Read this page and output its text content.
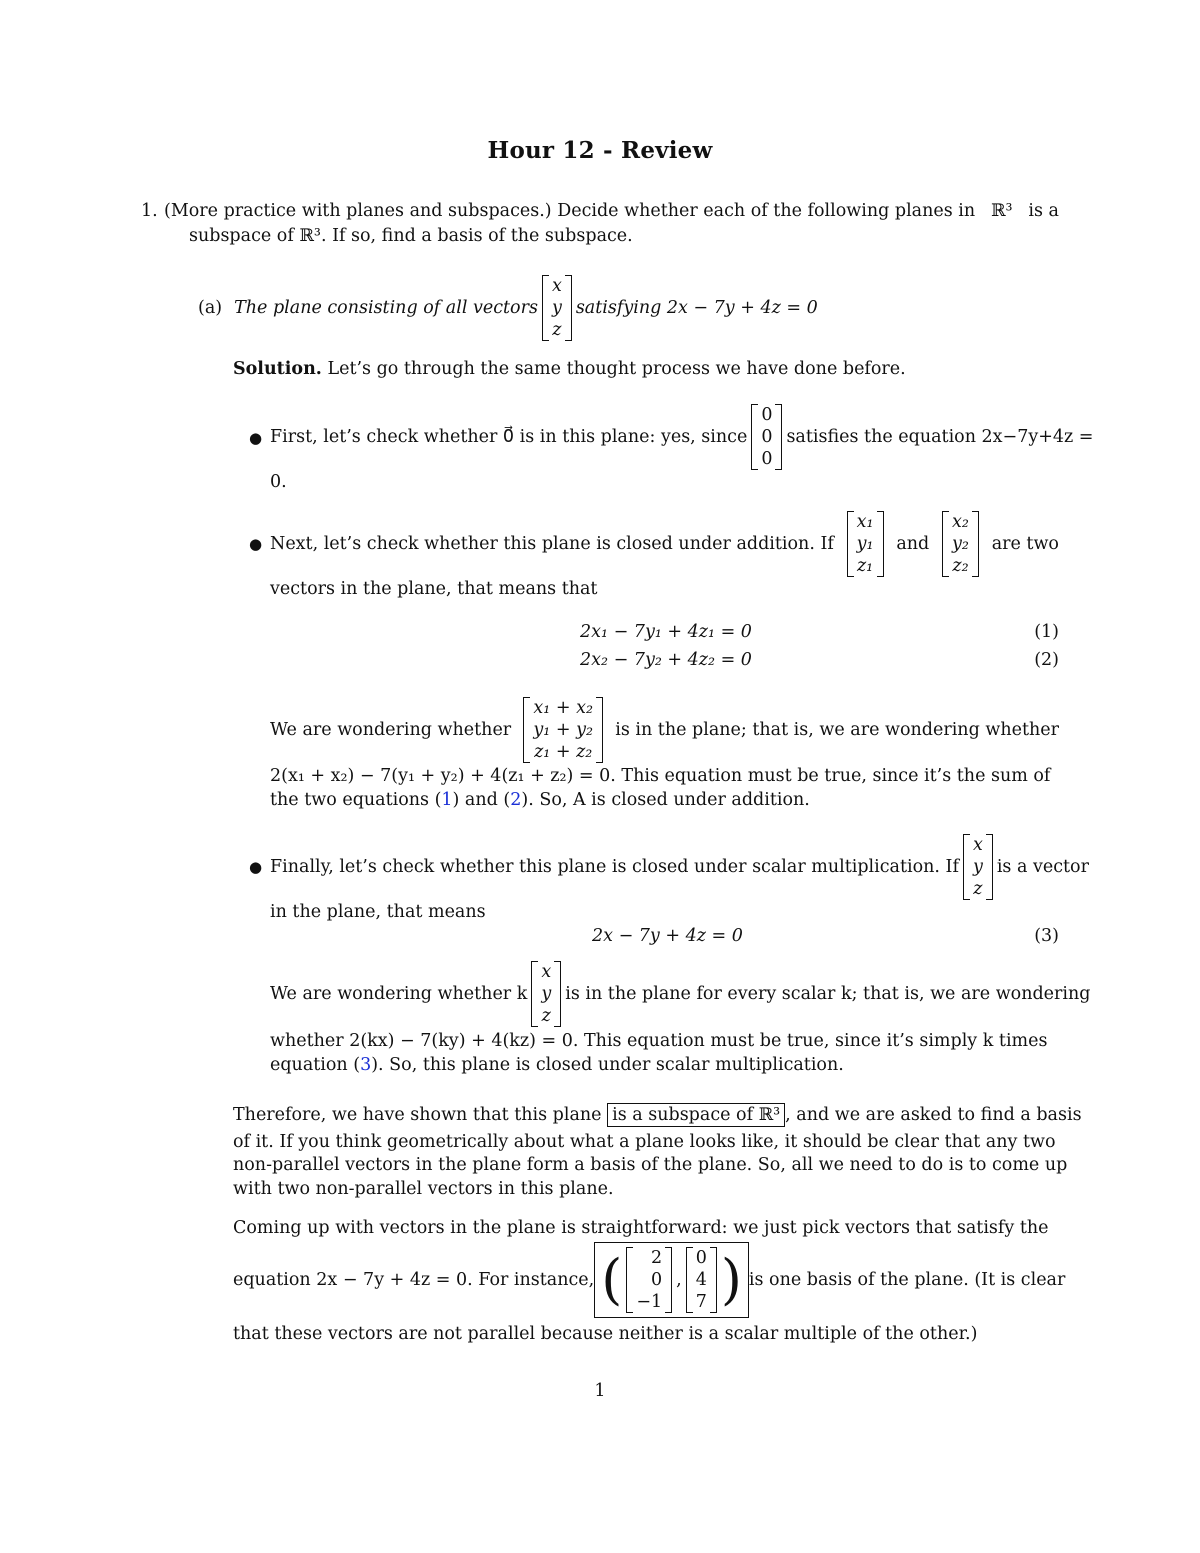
Hour 12 - Review
1. (More practice with planes and subspaces.) Decide whether each of the following planes in ℝ³ is a
subspace of ℝ³. If so, find a basis of the subspace.
(a) The plane consisting of all vectors
x
y
z
satisfying 2x − 7y + 4z = 0
Solution. Let’s go through the same thought process we have done before.
● First, let’s check whether 0⃗ is in this plane: yes, since
0
0
0
satisfies the equation 2x−7y+4z =
0.
● Next, let’s check whether this plane is closed under addition. If
x₁
y₁
z₁
and
x₂
y₂
z₂
are two
vectors in the plane, that means that
2x₁ − 7y₁ + 4z₁ = 0	(1)
2x₂ − 7y₂ + 4z₂ = 0	(2)
We are wondering whether
x₁ + x₂
y₁ + y₂
z₁ + z₂
is in the plane; that is, we are wondering whether
2(x₁ + x₂) − 7(y₁ + y₂) + 4(z₁ + z₂) = 0. This equation must be true, since it’s the sum of
the two equations (1) and (2). So, A is closed under addition.
● Finally, let’s check whether this plane is closed under scalar multiplication. If
x
y
z
is a vector
in the plane, that means
2x − 7y + 4z = 0	(3)
We are wondering whether k
x
y
z
is in the plane for every scalar k; that is, we are wondering
whether 2(kx) − 7(ky) + 4(kz) = 0. This equation must be true, since it’s simply k times
equation (3). So, this plane is closed under scalar multiplication.
Therefore, we have shown that this plane is a subspace of ℝ³ , and we are asked to find a basis
of it. If you think geometrically about what a plane looks like, it should be clear that any two
non-parallel vectors in the plane form a basis of the plane. So, all we need to do is to come up
with two non-parallel vectors in this plane.
Coming up with vectors in the plane is straightforward: we just pick vectors that satisfy the
equation 2x − 7y + 4z = 0. For instance, (	2
0
−1
,
0
4
7 ) is one basis of the plane. (It is clear
that these vectors are not parallel because neither is a scalar multiple of the other.)
1
